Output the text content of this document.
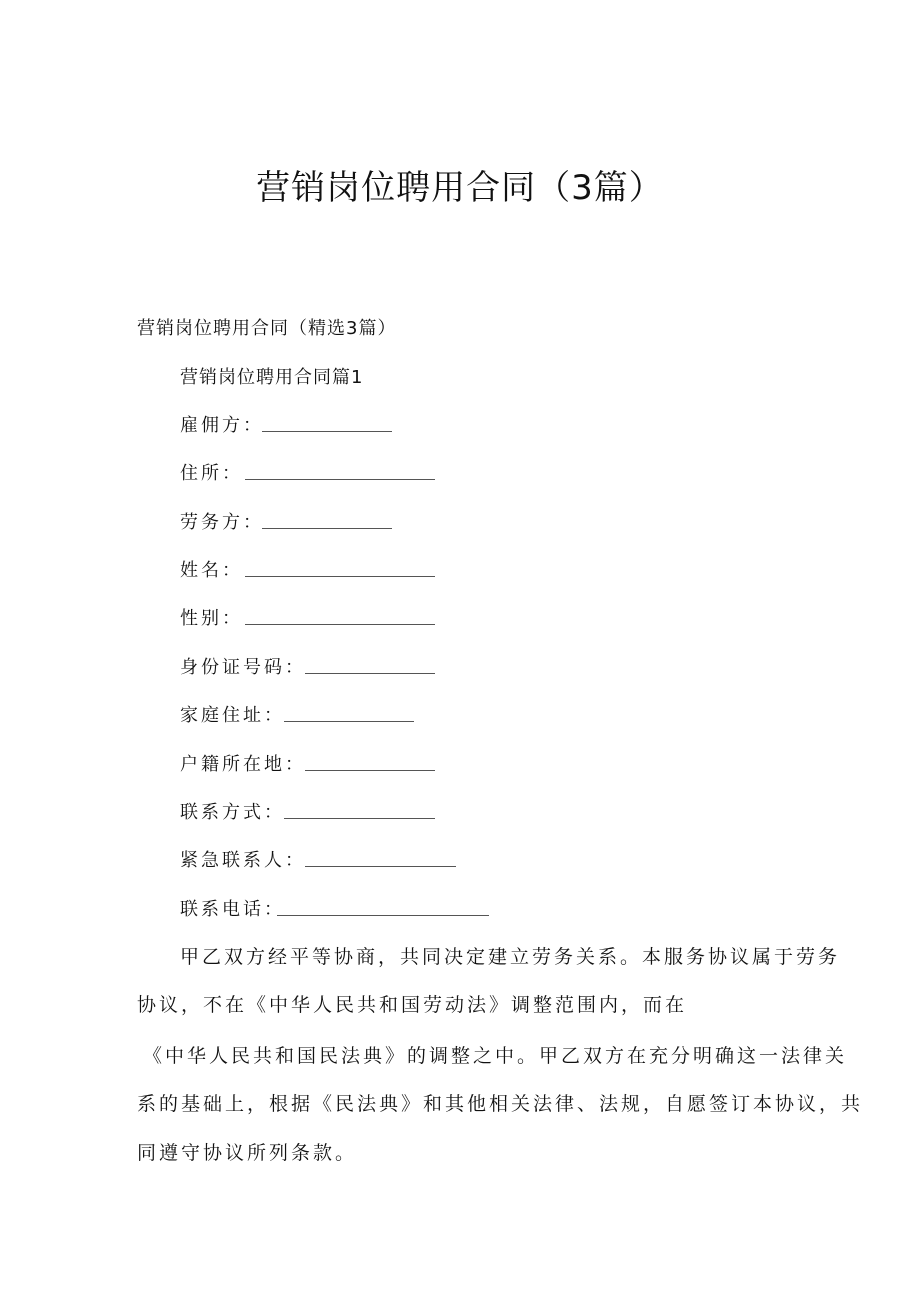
营销岗位聘用合同（3篇）
营销岗位聘用合同（精选3篇）
营销岗位聘用合同篇1
雇佣方：
住所：
劳务方：
姓名：
性别：
身份证号码：
家庭住址：
户籍所在地：
联系方式：
紧急联系人：
联系电话：
甲乙双方经平等协商，共同决定建立劳务关系。本服务协议属于劳务
协议，不在《中华人民共和国劳动法》调整范围内，而在
《中华人民共和国民法典》的调整之中。甲乙双方在充分明确这一法律关
系的基础上，根据《民法典》和其他相关法律、法规，自愿签订本协议，共
同遵守协议所列条款。
